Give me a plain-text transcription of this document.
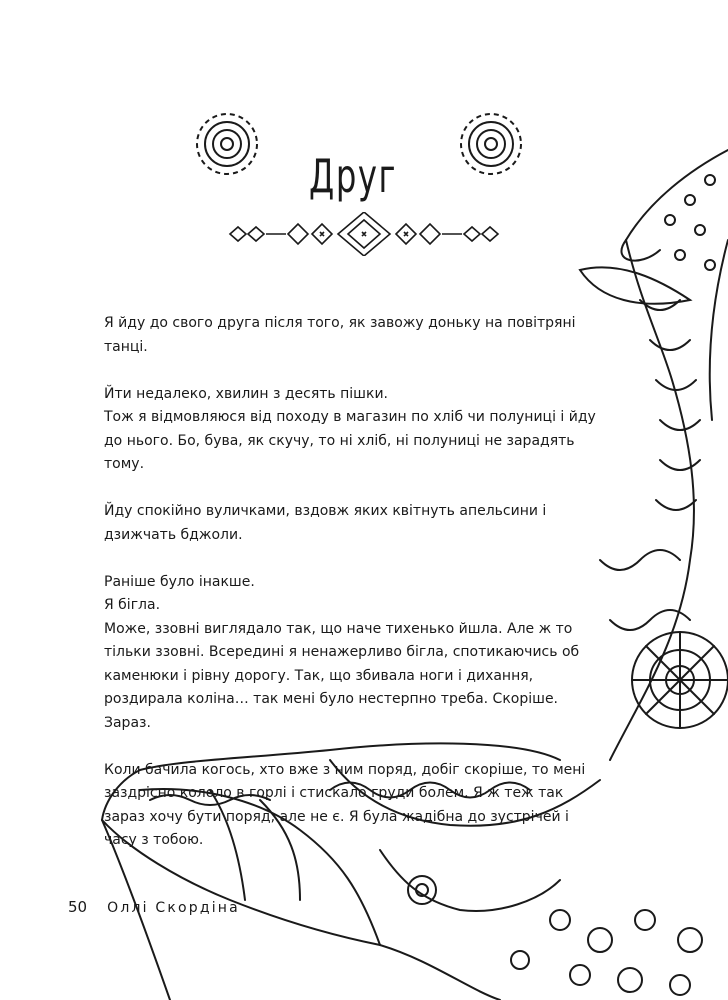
Друг

Я йду до свого друга після того, як завожу доньку на повітряні танці.

Йти недалеко, хвилин з десять пішки.
Тож я відмовляюся від походу в магазин по хліб чи полуниці і йду до нього. Бо, бува, як скучу, то ні хліб, ні полуниці не зарадять тому.

Йду спокійно вуличками, вздовж яких квітнуть апельсини і дзижчать бджоли.

Раніше було інакше.
Я бігла.
Може, ззовні виглядало так, що наче тихенько йшла. Але ж то тільки ззовні. Всередині я ненажерливо бігла, спотикаючись об каменюки і рівну дорогу. Так, що збивала ноги і дихання, роздирала коліна… так мені було нестерпно треба. Скоріше. Зараз.

Коли бачила когось, хто вже з ним поряд, добіг скоріше, то мені заздрісно кололо в горлі і стискало груди болем. Я ж теж так зараз хочу бути поряд, але не є. Я була жадібна до зустрічей і часу з тобою.

50 Оллі Скордіна
